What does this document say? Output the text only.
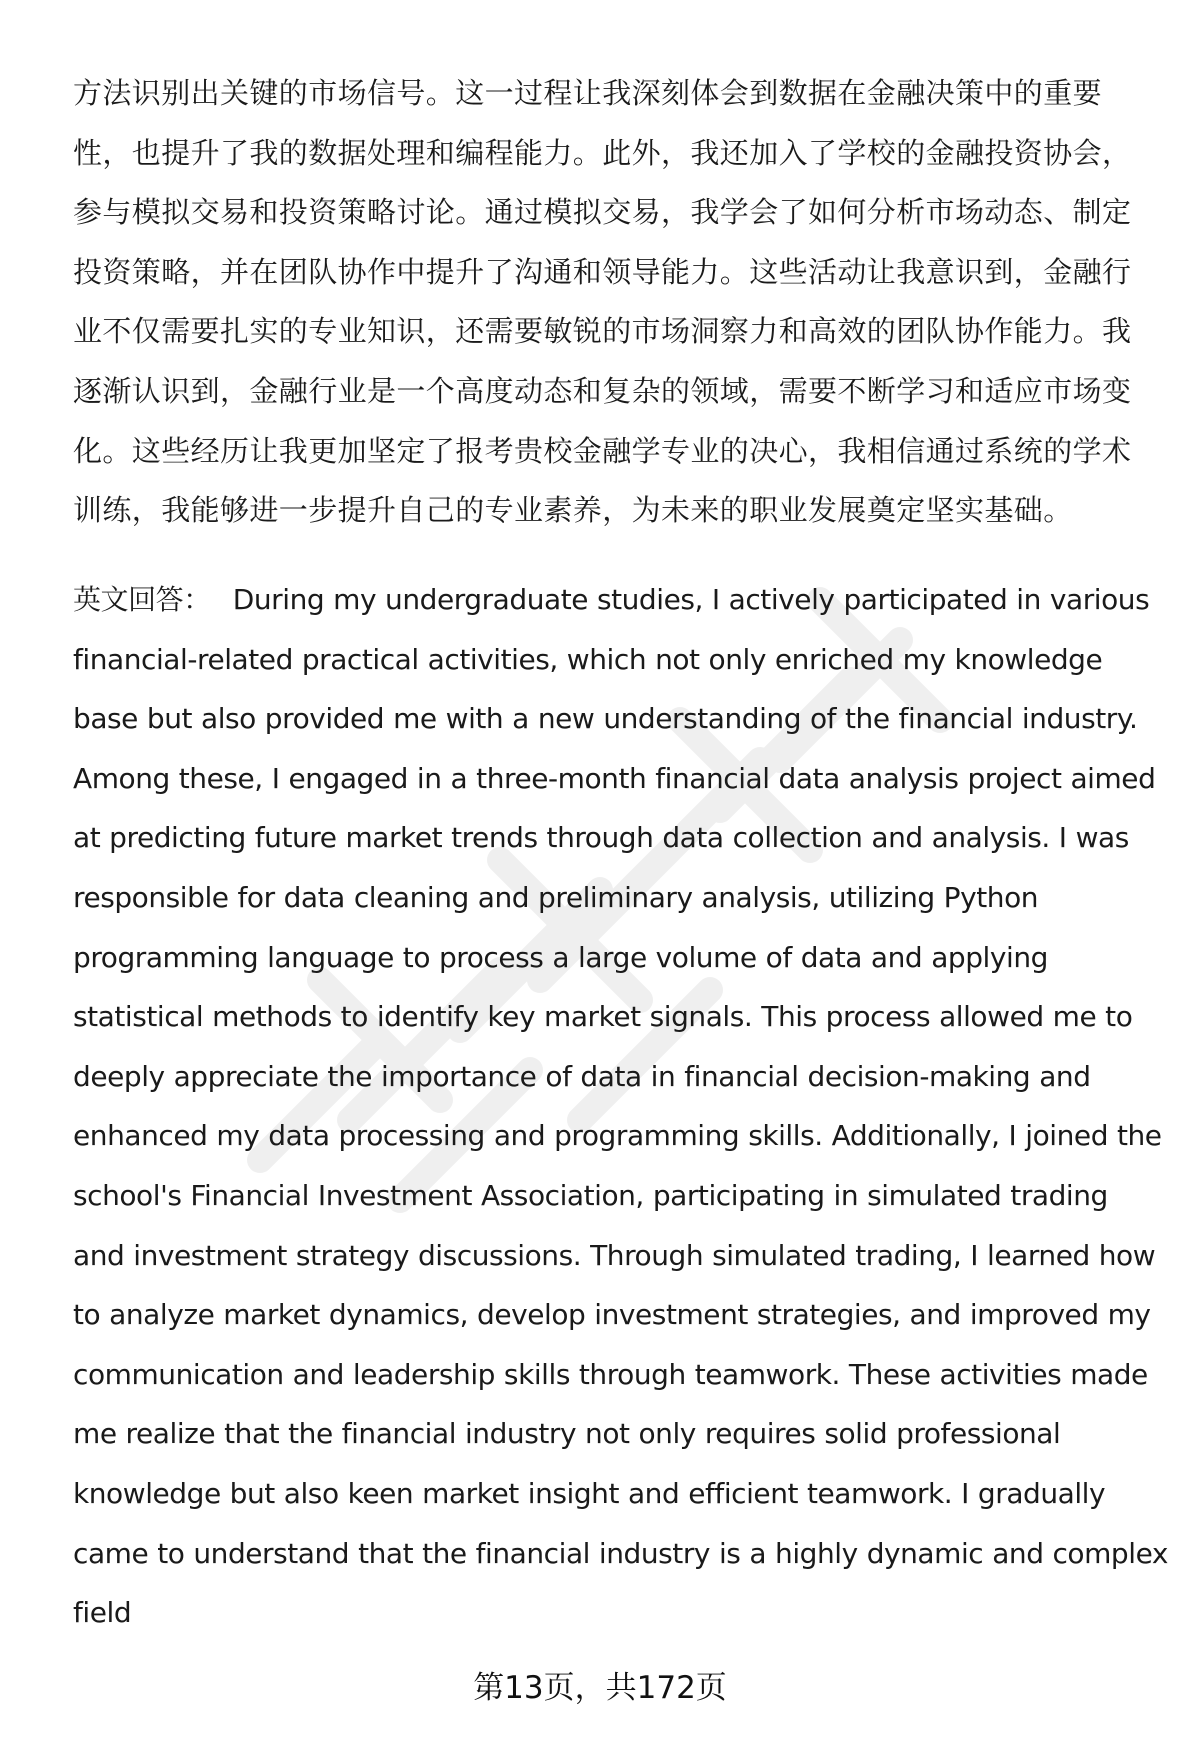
方法识别出关键的市场信号。这一过程让我深刻体会到数据在金融决策中的重要性，也提升了我的数据处理和编程能力。此外，我还加入了学校的金融投资协会，参与模拟交易和投资策略讨论。通过模拟交易，我学会了如何分析市场动态、制定投资策略，并在团队协作中提升了沟通和领导能力。这些活动让我意识到，金融行业不仅需要扎实的专业知识，还需要敏锐的市场洞察力和高效的团队协作能力。我逐渐认识到，金融行业是一个高度动态和复杂的领域，需要不断学习和适应市场变化。这些经历让我更加坚定了报考贵校金融学专业的决心，我相信通过系统的学术训练，我能够进一步提升自己的专业素养，为未来的职业发展奠定坚实基础。

英文回答： During my undergraduate studies, I actively participated in various financial-related practical activities, which not only enriched my knowledge base but also provided me with a new understanding of the financial industry. Among these, I engaged in a three-month financial data analysis project aimed at predicting future market trends through data collection and analysis. I was responsible for data cleaning and preliminary analysis, utilizing Python programming language to process a large volume of data and applying statistical methods to identify key market signals. This process allowed me to deeply appreciate the importance of data in financial decision-making and enhanced my data processing and programming skills. Additionally, I joined the school's Financial Investment Association, participating in simulated trading and investment strategy discussions. Through simulated trading, I learned how to analyze market dynamics, develop investment strategies, and improved my communication and leadership skills through teamwork. These activities made me realize that the financial industry not only requires solid professional knowledge but also keen market insight and efficient teamwork. I gradually came to understand that the financial industry is a highly dynamic and complex field

第13页，共172页
